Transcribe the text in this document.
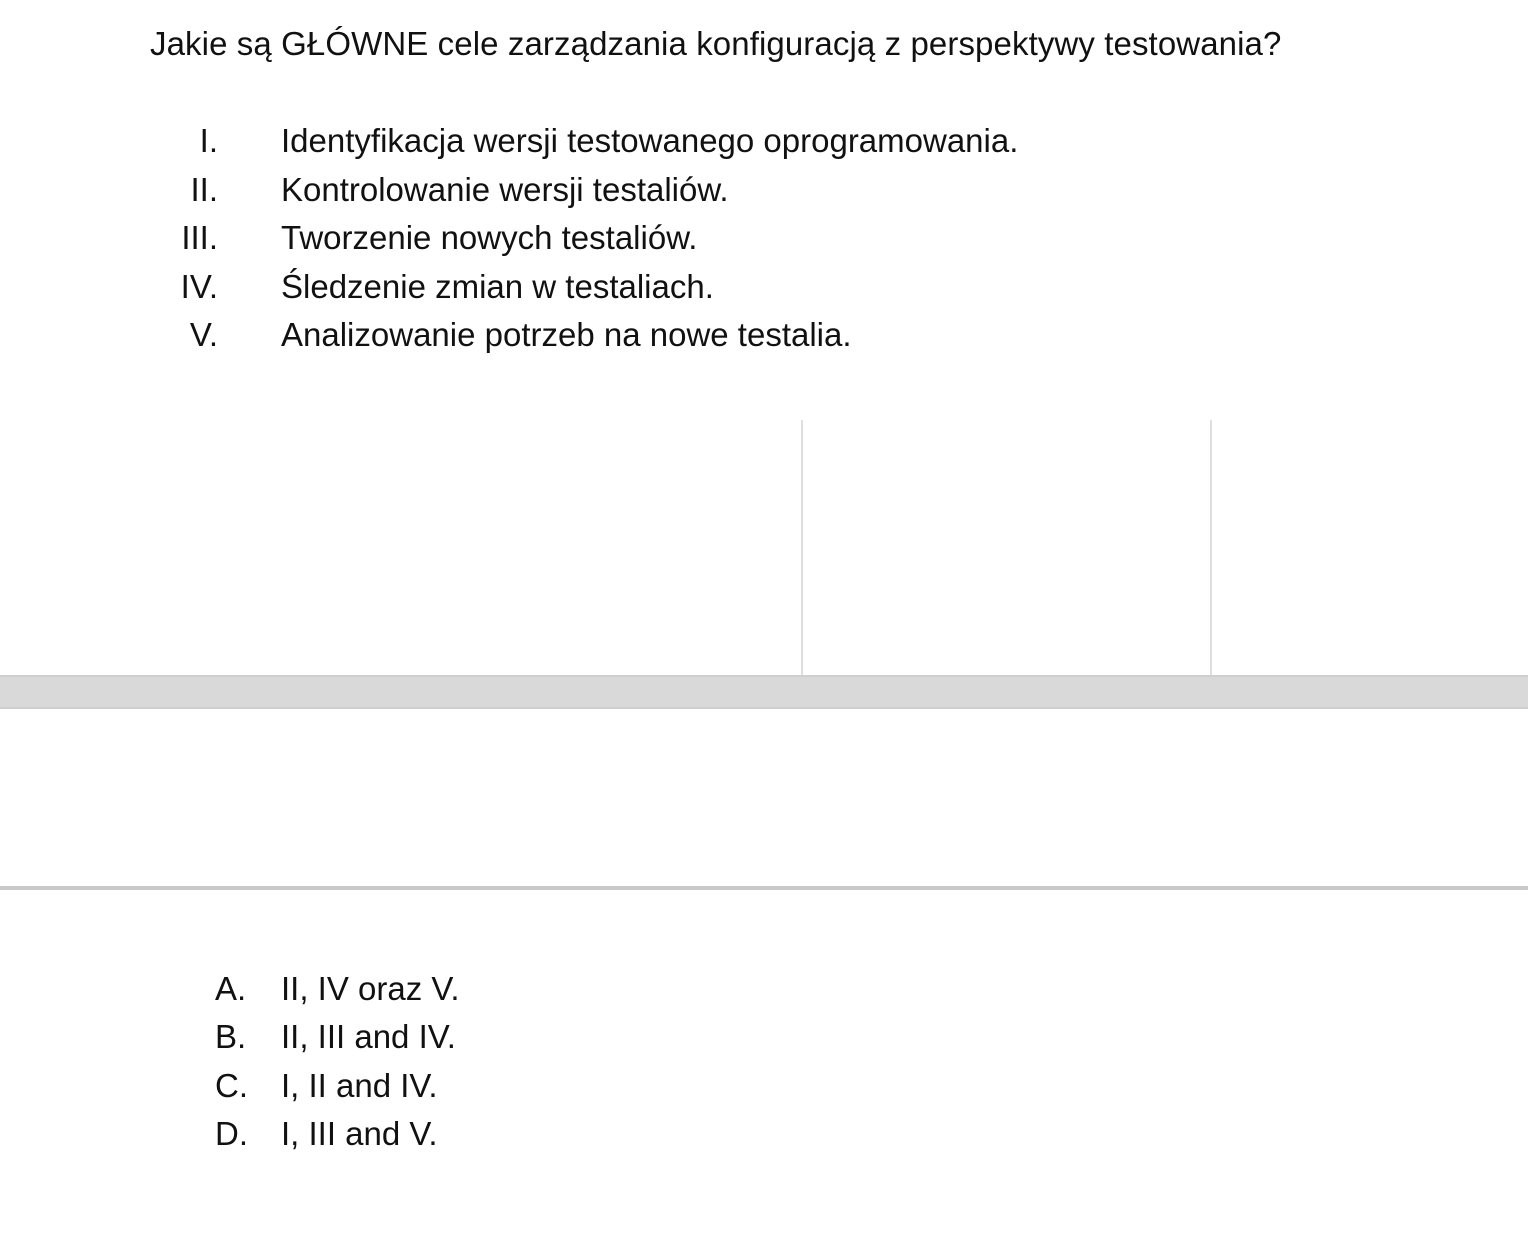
Jakie są GŁÓWNE cele zarządzania konfiguracją z perspektywy testowania?
I. Identyfikacja wersji testowanego oprogramowania.
II. Kontrolowanie wersji testaliów.
III. Tworzenie nowych testaliów.
IV. Śledzenie zmian w testaliach.
V. Analizowanie potrzeb na nowe testalia.
A. II, IV oraz V.
B. II, III and IV.
C. I, II and IV.
D. I, III and V.
